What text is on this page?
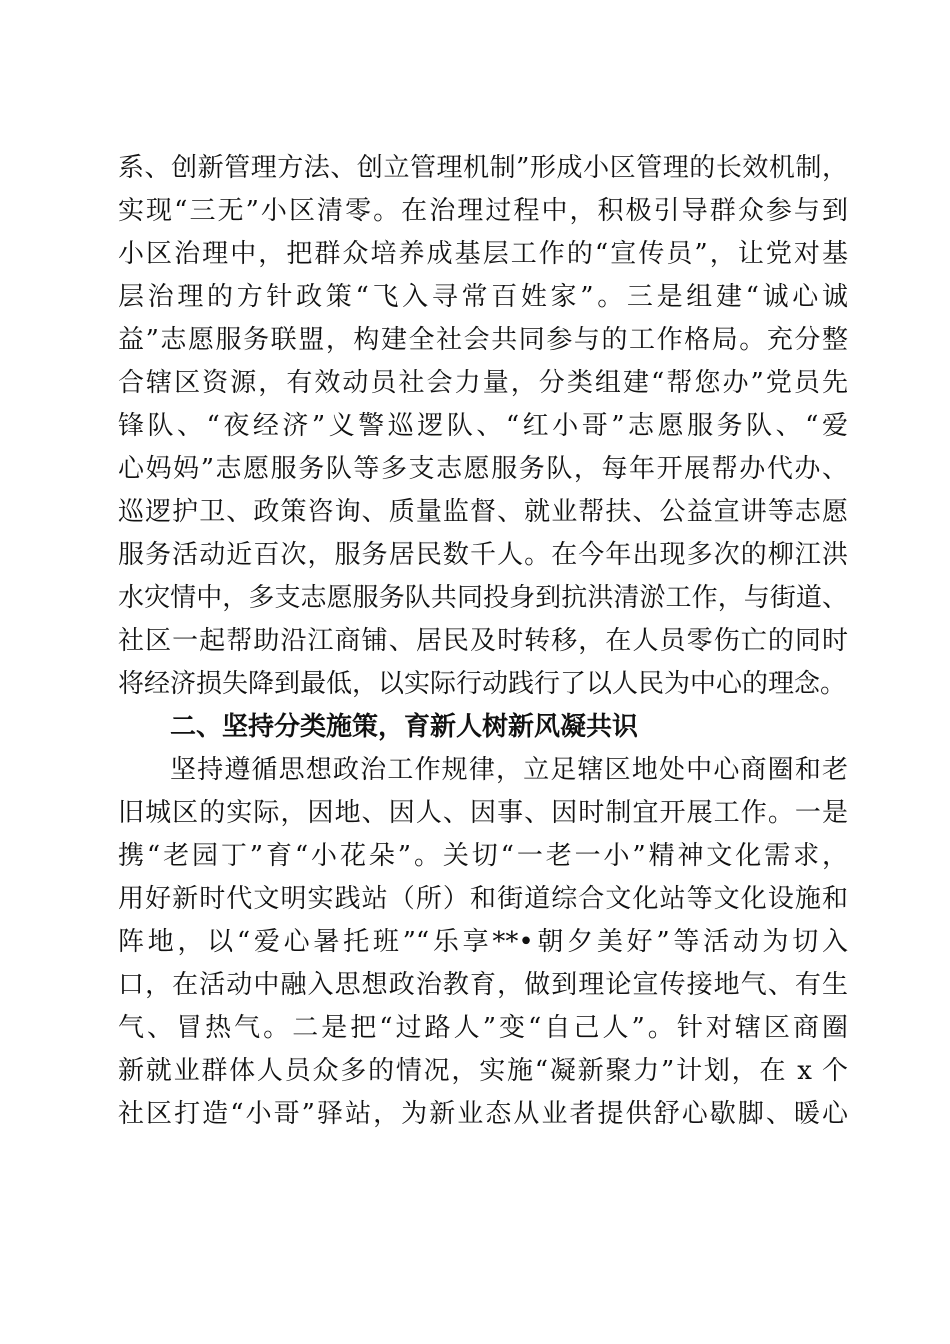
系、创新管理方法、创立管理机制”形成小区管理的长效机制，
实现“三无”小区清零。在治理过程中，积极引导群众参与到
小区治理中，把群众培养成基层工作的“宣传员”，让党对基
层治理的方针政策“飞入寻常百姓家”。三是组建“诚心诚
益”志愿服务联盟，构建全社会共同参与的工作格局。充分整
合辖区资源，有效动员社会力量，分类组建“帮您办”党员先
锋队、“夜经济”义警巡逻队、“红小哥”志愿服务队、“爱
心妈妈”志愿服务队等多支志愿服务队，每年开展帮办代办、
巡逻护卫、政策咨询、质量监督、就业帮扶、公益宣讲等志愿
服务活动近百次，服务居民数千人。在今年出现多次的柳江洪
水灾情中，多支志愿服务队共同投身到抗洪清淤工作，与街道、
社区一起帮助沿江商铺、居民及时转移，在人员零伤亡的同时
将经济损失降到最低，以实际行动践行了以人民为中心的理念。
二、坚持分类施策，育新人树新风凝共识
坚持遵循思想政治工作规律，立足辖区地处中心商圈和老
旧城区的实际，因地、因人、因事、因时制宜开展工作。一是
携“老园丁”育“小花朵”。关切“一老一小”精神文化需求，
用好新时代文明实践站（所）和街道综合文化站等文化设施和
阵地，以“爱心暑托班”“乐享**•朝夕美好”等活动为切入
口，在活动中融入思想政治教育，做到理论宣传接地气、有生
气、冒热气。二是把“过路人”变“自己人”。针对辖区商圈
新就业群体人员众多的情况，实施“凝新聚力”计划，在 x 个
社区打造“小哥”驿站，为新业态从业者提供舒心歇脚、暖心
